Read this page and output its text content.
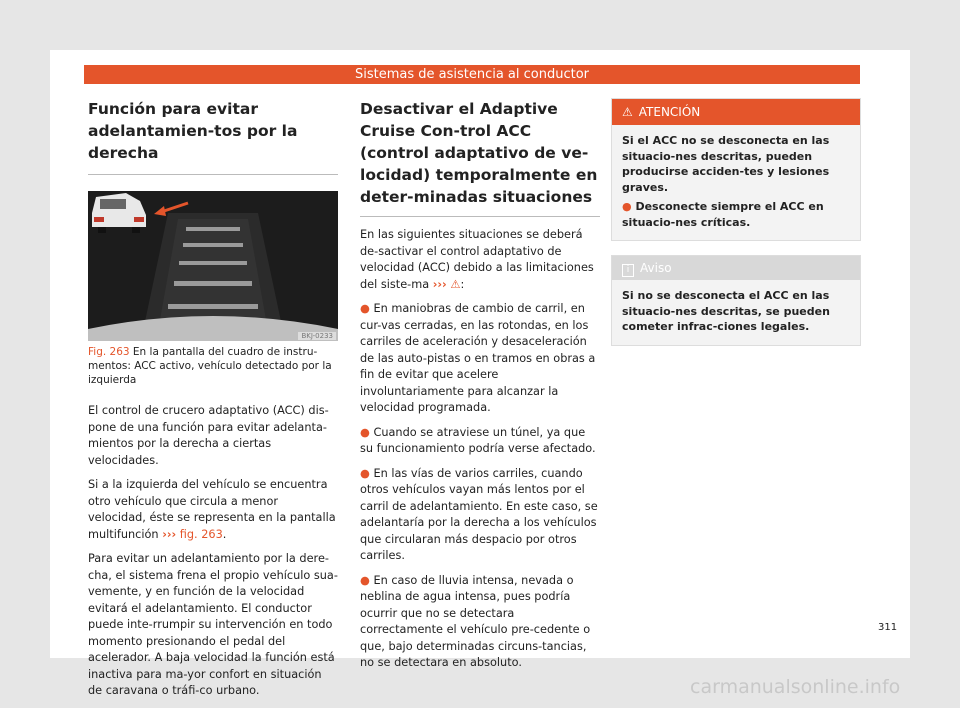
Sistemas de asistencia al conductor
Función para evitar adelantamien-tos por la derecha
BKJ-0233

Fig. 263 En la pantalla del cuadro de instru-mentos: ACC activo, vehículo detectado por la izquierda

El control de crucero adaptativo (ACC) dis-pone de una función para evitar adelanta-mientos por la derecha a ciertas velocidades.

Si a la izquierda del vehículo se encuentra otro vehículo que circula a menor velocidad, éste se representa en la pantalla multifunción ››› fig. 263.

Para evitar un adelantamiento por la dere-cha, el sistema frena el propio vehículo sua-vemente, y en función de la velocidad evitará el adelantamiento. El conductor puede inte-rrumpir su intervención en todo momento presionando el pedal del acelerador. A baja velocidad la función está inactiva para ma-yor confort en situación de caravana o tráfi-co urbano.

Desactivar el Adaptive Cruise Con-trol ACC (control adaptativo de ve-locidad) temporalmente en deter-minadas situaciones

En las siguientes situaciones se deberá de-sactivar el control adaptativo de velocidad (ACC) debido a las limitaciones del siste-ma ››› ⚠:

● En maniobras de cambio de carril, en cur-vas cerradas, en las rotondas, en los carriles de aceleración y desaceleración de las auto-pistas o en tramos en obras a fin de evitar que acelere involuntariamente para alcanzar la velocidad programada.

● Cuando se atraviese un túnel, ya que su funcionamiento podría verse afectado.

● En las vías de varios carriles, cuando otros vehículos vayan más lentos por el carril de adelantamiento. En este caso, se adelantaría por la derecha a los vehículos que circularan más despacio por otros carriles.

● En caso de lluvia intensa, nevada o neblina de agua intensa, pues podría ocurrir que no se detectara correctamente el vehículo pre-cedente o que, bajo determinadas circuns-tancias, no se detectara en absoluto.

⚠ ATENCIÓN

Si el ACC no se desconecta en las situacio-nes descritas, pueden producirse acciden-tes y lesiones graves.

● Desconecte siempre el ACC en situacio-nes críticas.

i Aviso

Si no se desconecta el ACC en las situacio-nes descritas, se pueden cometer infrac-ciones legales.

311
carmanualsonline.info
